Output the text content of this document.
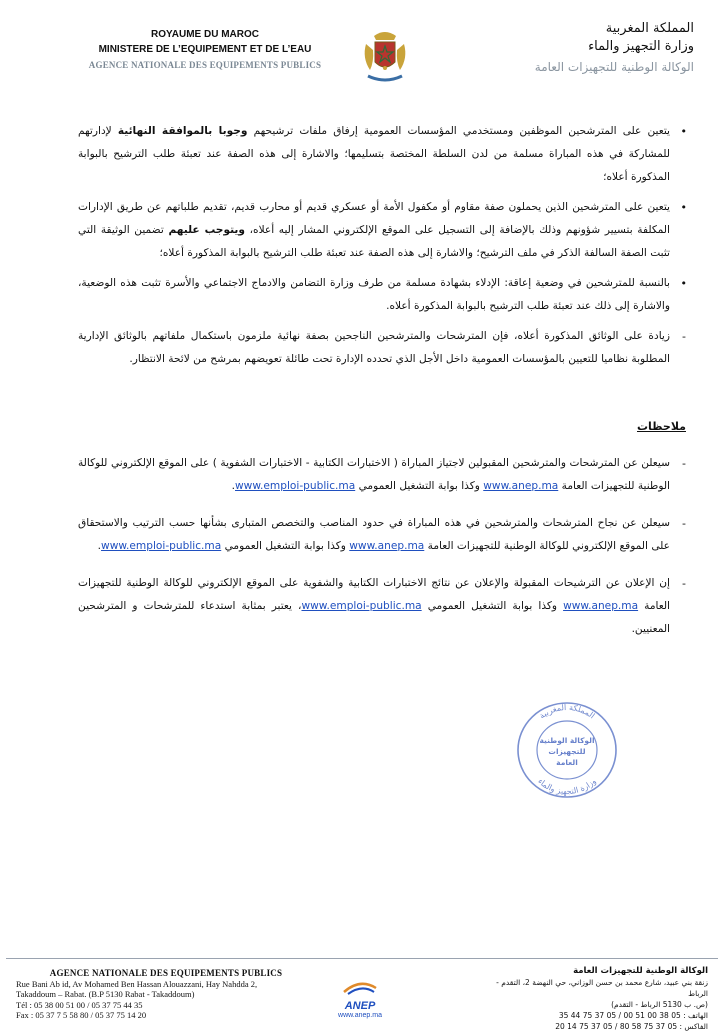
ROYAUME DU MAROC
MINISTERE DE L’EQUIPEMENT ET DE L’EAU
AGENCE NATIONALE DES EQUIPEMENTS PUBLICS
المملكة المغربية
وزارة التجهيز والماء
الوكالة الوطنية للتجهيزات العامة
•
يتعين على المترشحين الموظفين ومستخدمي المؤسسات العمومية إرفاق ملفات ترشيحهم وجوبا بالموافقة النهائية لإدارتهم للمشاركة في هذه المباراة مسلمة من لدن السلطة المختصة بتسليمها؛ والاشارة إلى هذه الصفة عند تعبئة طلب الترشيح بالبوابة المذكورة أعلاه؛
•
يتعين على المترشحين الذين يحملون صفة مقاوم أو مكفول الأمة أو عسكري قديم أو محارب قديم، تقديم طلباتهم عن طريق الإدارات المكلفة بتسيير شؤونهم وذلك بالإضافة إلى التسجيل على الموقع الإلكتروني المشار إليه أعلاه، ويتوجب عليهم تضمين الوثيقة التي تثبت الصفة السالفة الذكر في ملف الترشيح؛ والاشارة إلى هذه الصفة عند تعبئة طلب الترشيح بالبوابة المذكورة أعلاه؛
•
بالنسبة للمترشحين في وضعية إعاقة: الإدلاء بشهادة مسلمة من طرف وزارة التضامن والادماج الاجتماعي والأسرة تثبت هذه الوضعية، والاشارة إلى ذلك عند تعبئة طلب الترشيح بالبوابة المذكورة أعلاه.
-
زيادة على الوثائق المذكورة أعلاه، فإن المترشحات والمترشحين الناجحين بصفة نهائية ملزمون باستكمال ملفاتهم بالوثائق الإدارية المطلوبة نظاميا للتعيين بالمؤسسات العمومية داخل الأجل الذي تحدده الإدارة تحت طائلة تعويضهم بمرشح من لائحة الانتظار.
ملاحظات
-
سيعلن عن المترشحات والمترشحين المقبولين لاجتياز المباراة ( الاختبارات الكتابية - الاختبارات الشفوية ) على الموقع الإلكتروني للوكالة الوطنية للتجهيزات العامة www.anep.ma وكذا بوابة التشغيل العمومي www.emploi-public.ma.
-
سيعلن عن نجاح المترشحات والمترشحين في هذه المباراة في حدود المناصب والتخصص المتبارى بشأنها حسب الترتيب والاستحقاق على الموقع الإلكتروني للوكالة الوطنية للتجهيزات العامة www.anep.ma وكذا بوابة التشغيل العمومي www.emploi-public.ma.
-
إن الإعلان عن الترشيحات المقبولة والإعلان عن نتائج الاختبارات الكتابية والشفوية على الموقع الإلكتروني للوكالة الوطنية للتجهيزات العامة www.anep.ma وكذا بوابة التشغيل العمومي www.emploi-public.ma، يعتبر بمثابة استدعاء للمترشحات و المترشحين المعنيين.
المملكة المغربية
وزارة التجهيز والماء
الوكالة الوطنية
للتجهيزات
العامة
AGENCE NATIONALE DES EQUIPEMENTS PUBLICS
Rue Bani Ab id, Av Mohamed Ben Hassan Alouazzani, Hay Nahdda 2,
Takaddoum – Rabat. (B.P 5130 Rabat - Takaddoum)
Tél : 05 38 00 51 00 / 05 37 75 44 35
Fax : 05 37 7 5 58 80 / 05 37 75 14 20
ANEP
www.anep.ma
الوكالة الوطنية للتجهيزات العامة
زنقة بني عبيد، شارع محمد بن حسن الوزاني، حي النهضة 2، التقدم - الرباط
(ص. ب 5130 الرباط - التقدم)
الهاتف : 05 38 00 51 00 / 05 37 75 44 35
الفاكس : 05 37 75 58 80 / 05 37 75 14 20
